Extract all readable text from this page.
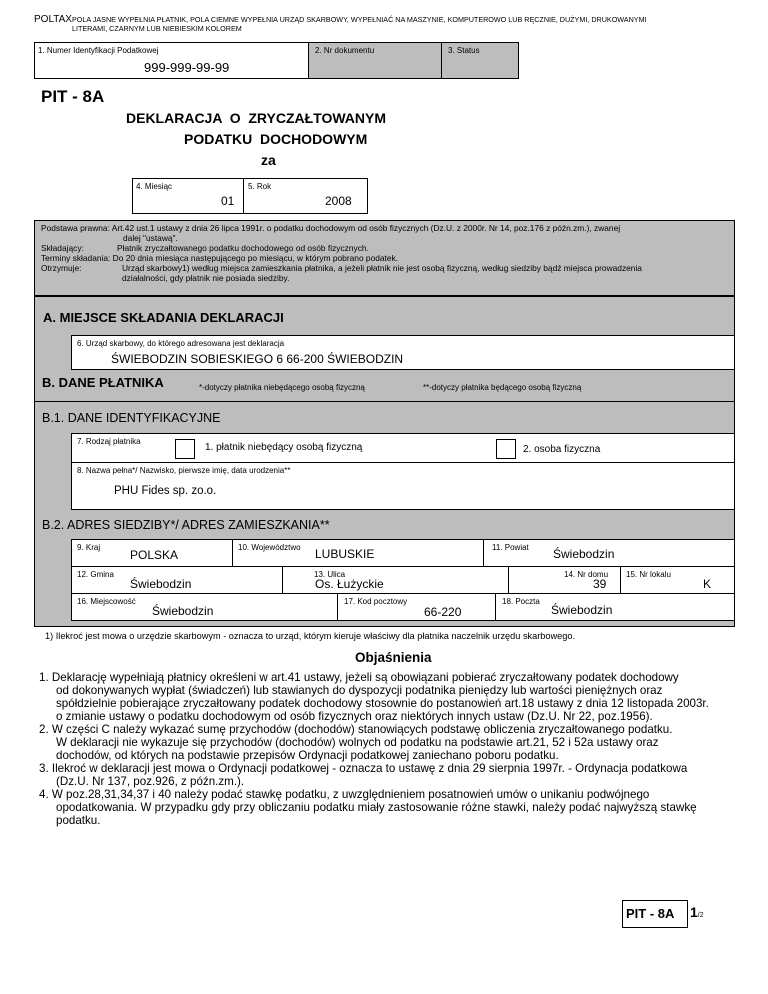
POLTAX POLA JASNE WYPEŁNIA PŁATNIK, POLA CIEMNE WYPEŁNIA URZĄD SKARBOWY, WYPEŁNIAĆ NA MASZYNIE, KOMPUTEROWO LUB RĘCZNIE, DUŻYMI, DRUKOWANYMI
LITERAMI, CZARNYM LUB NIEBIESKIM KOLOREM
1. Numer Identyfikacji Podatkowej
999-999-99-99
2. Nr dokumentu	3. Status
PIT - 8A
DEKLARACJA  O  ZRYCZAŁTOWANYM
PODATKU  DOCHODOWYM
za
4. Miesiąc
01
5. Rok
2008
Podstawa prawna: Art.42 ust.1 ustawy z dnia 26 lipca 1991r. o podatku dochodowym od osób fizycznych (Dz.U. z 2000r. Nr 14, poz.176 z późn.zm.), zwanej
dalej "ustawą".
Składający:	Płatnik zryczałtowanego podatku dochodowego od osób fizycznych.
Terminy składania: Do 20 dnia miesiąca następującego po miesiącu, w którym pobrano podatek.
Otrzymuje:	Urząd skarbowy1) według miejsca zamieszkania płatnika, a jeżeli płatnik nie jest osobą fizyczną, według siedziby bądź miejsca prowadzenia
działalności, gdy płatnik nie posiada siedziby.
A. MIEJSCE SKŁADANIA DEKLARACJI
6. Urząd skarbowy, do którego adresowana jest deklaracja
ŚWIEBODZIN SOBIESKIEGO 6 66-200 ŚWIEBODZIN
B. DANE PŁATNIKA	*-dotyczy płatnika niebędącego osobą fizyczną	**-dotyczy płatnika będącego osobą fizyczną
B.1. DANE IDENTYFIKACYJNE
7. Rodzaj płatnika
1. płatnik niebędący osobą fizyczną	2. osoba fizyczna
8. Nazwa pełna*/ Nazwisko, pierwsze imię, data urodzenia**
PHU Fides sp. zo.o.
B.2. ADRES SIEDZIBY*/ ADRES ZAMIESZKANIA**
9. Kraj
POLSKA
10. Województwo LUBUSKIE	11. Powiat Świebodzin
12. Gmina
Świebodzin
13. Ulica
Os. Łużyckie
14. Nr domu
39
15. Nr lokalu
K
16. Miejscowość
Świebodzin
17. Kod pocztowy
66-220
18. Poczta
Świebodzin
1) Ilekroć jest mowa o urzędzie skarbowym - oznacza to urząd, którym kieruje właściwy dla płatnika naczelnik urzędu skarbowego.
Objaśnienia
1. Deklarację wypełniają płatnicy określeni w art.41 ustawy, jeżeli są obowiązani pobierać zryczałtowany podatek dochodowy
od dokonywanych wypłat (świadczeń) lub stawianych do dyspozycji podatnika pieniędzy lub wartości pieniężnych oraz
spółdzielnie pobierające zryczałtowany podatek dochodowy stosownie do postanowień art.18 ustawy z dnia 12 listopada 2003r.
o zmianie ustawy o podatku dochodowym od osób fizycznych oraz niektórych innych ustaw (Dz.U. Nr 22, poz.1956).
2. W części C należy wykazać sumę przychodów (dochodów) stanowiących podstawę obliczenia zryczałtowanego podatku.
W deklaracji nie wykazuje się przychodów (dochodów) wolnych od podatku na podstawie art.21, 52 i 52a ustawy oraz
dochodów, od których na podstawie przepisów Ordynacji podatkowej zaniechano poboru podatku.
3. Ilekroć w deklaracji jest mowa o Ordynacji podatkowej - oznacza to ustawę z dnia 29 sierpnia 1997r. - Ordynacja podatkowa
(Dz.U. Nr 137, poz.926, z późn.zm.).
4. W poz.28,31,34,37 i 40 należy podać stawkę podatku, z uwzględnieniem posatnowień umów o unikaniu podwójnego
opodatkowania. W przypadku gdy przy obliczaniu podatku miały zastosowanie różne stawki, należy podać najwyższą stawkę
podatku.
PIT - 8A 1/2
